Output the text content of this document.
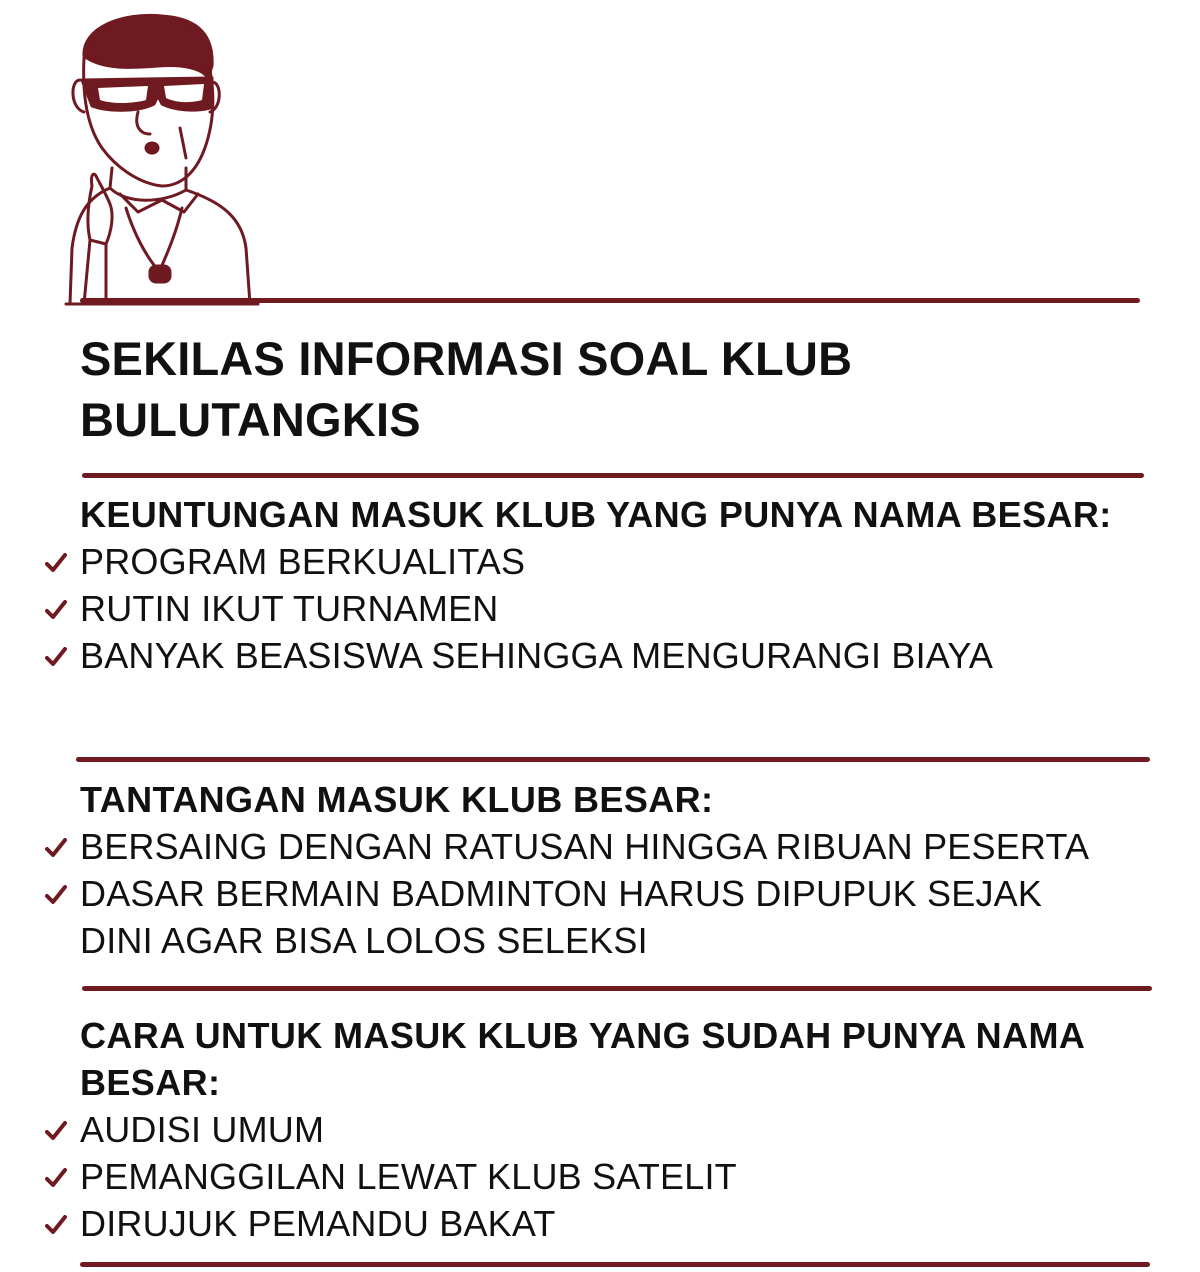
SEKILAS INFORMASI SOAL KLUB BULUTANGKIS
KEUNTUNGAN MASUK KLUB YANG PUNYA NAMA BESAR:
PROGRAM BERKUALITAS
RUTIN IKUT TURNAMEN
BANYAK BEASISWA SEHINGGA MENGURANGI BIAYA
TANTANGAN MASUK KLUB BESAR:
BERSAING DENGAN RATUSAN HINGGA RIBUAN PESERTA
DASAR BERMAIN BADMINTON HARUS DIPUPUK SEJAK DINI AGAR BISA LOLOS SELEKSI
CARA UNTUK MASUK KLUB YANG SUDAH PUNYA NAMA BESAR:
AUDISI UMUM
PEMANGGILAN LEWAT KLUB SATELIT
DIRUJUK PEMANDU BAKAT
